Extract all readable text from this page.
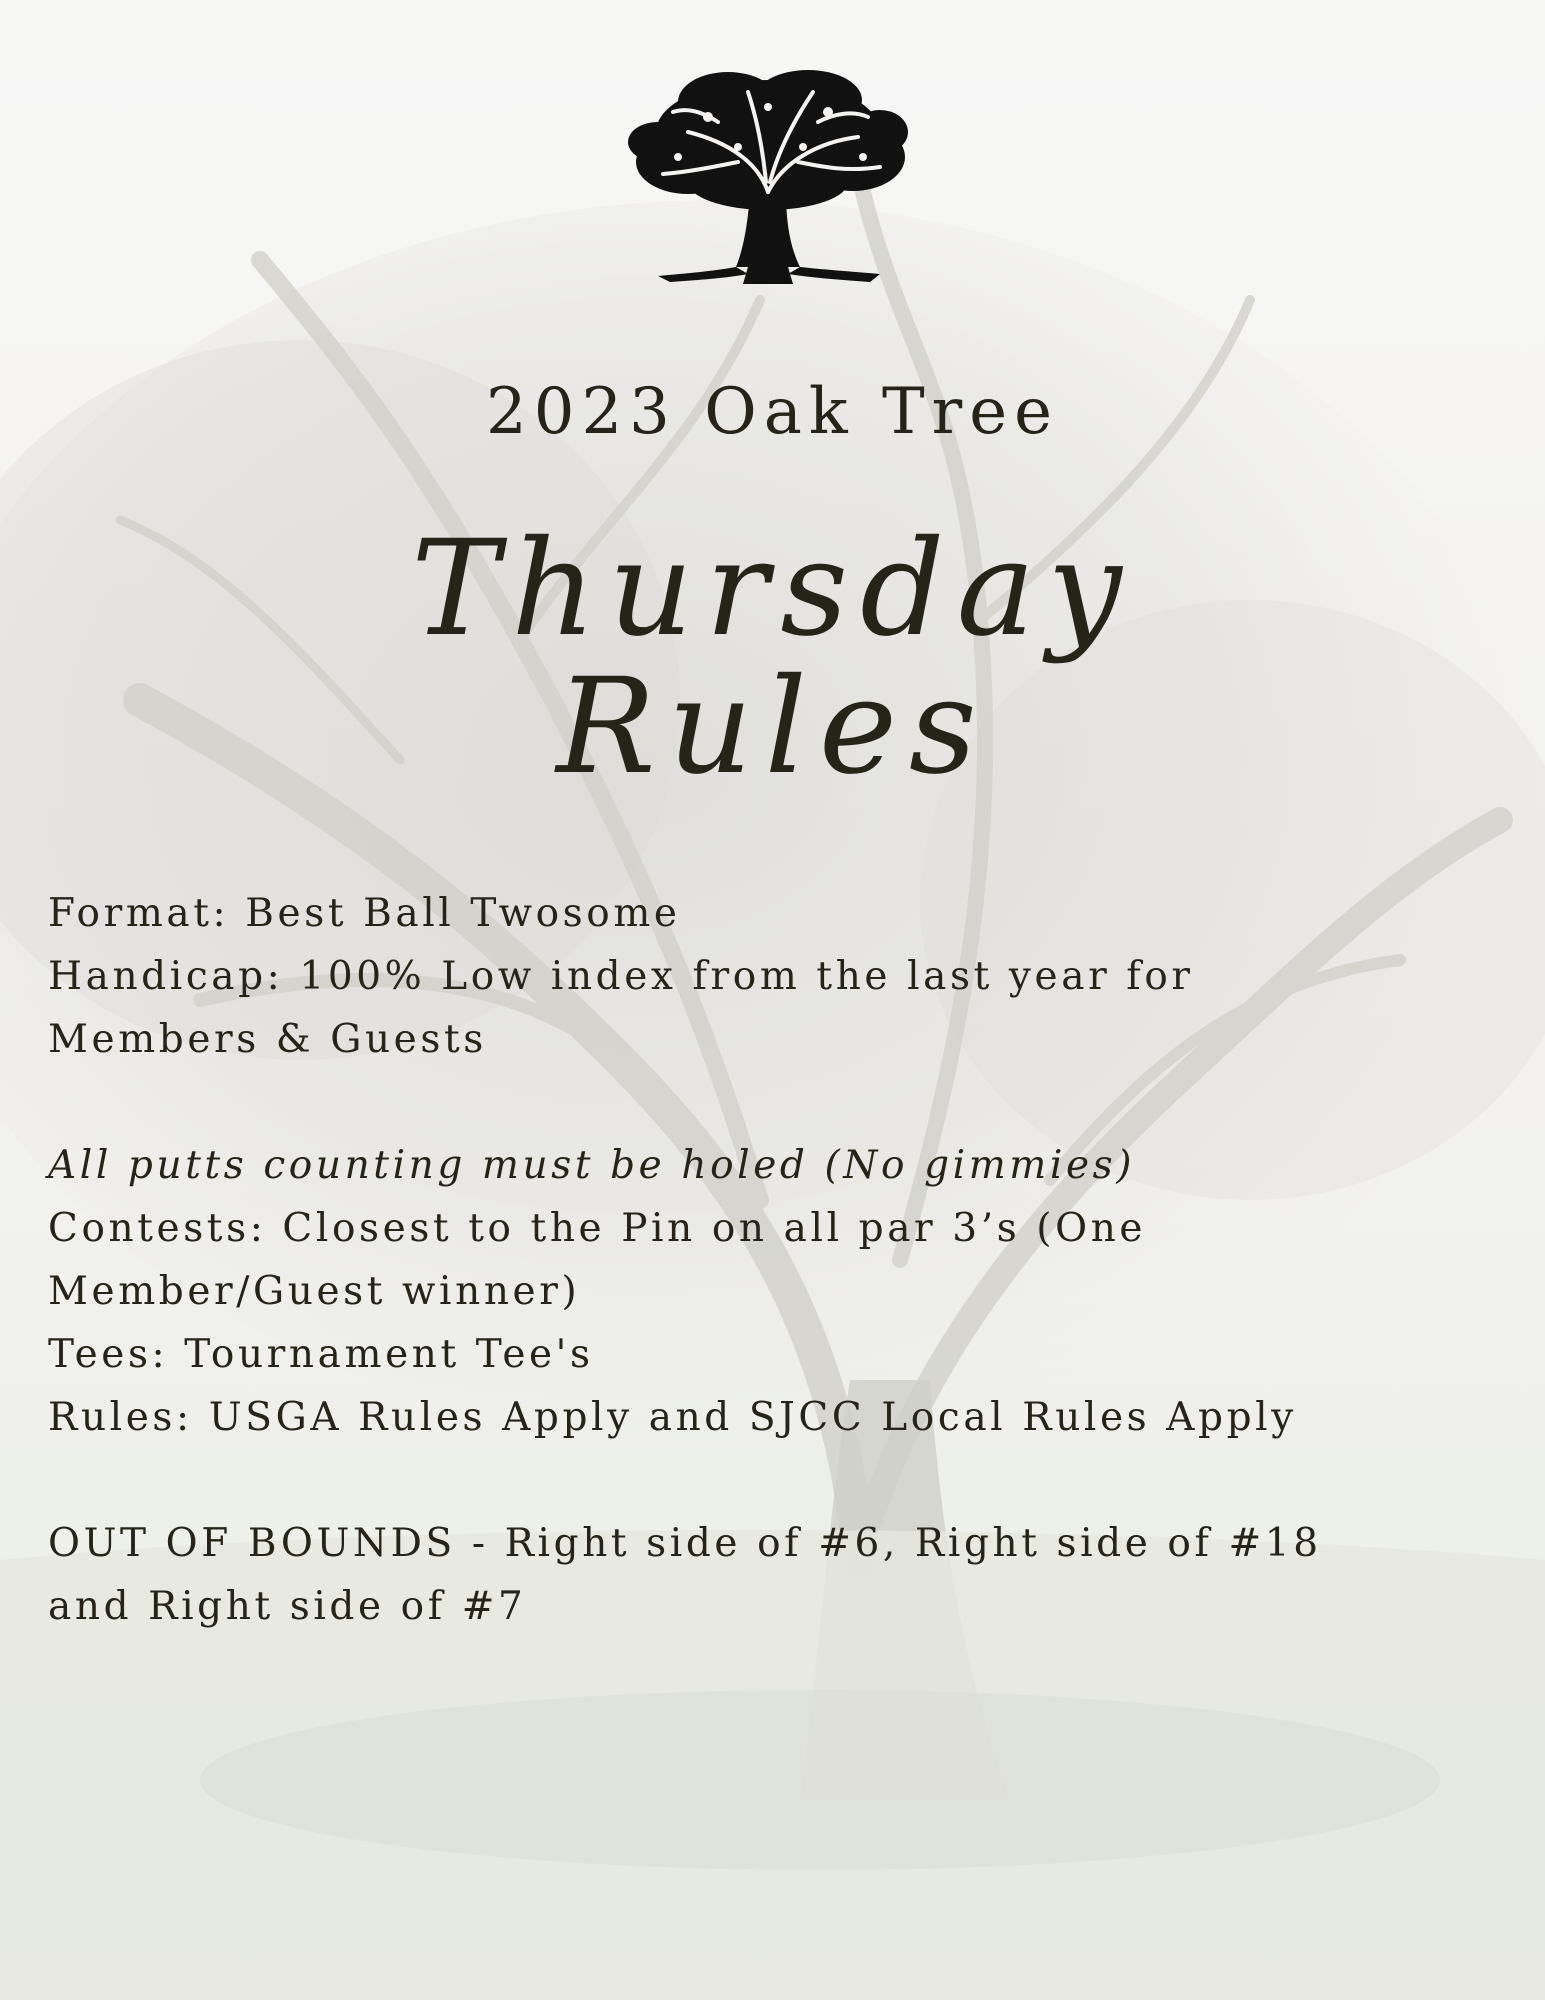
2023 Oak Tree
Thursday
Rules

Format: Best Ball Twosome

Handicap: 100% Low index from the last year for

Members & Guests

All putts counting must be holed (No gimmies)

Contests: Closest to the Pin on all par 3’s (One

Member/Guest winner)

Tees: Tournament Tee's

Rules: USGA Rules Apply and SJCC Local Rules Apply

OUT OF BOUNDS - Right side of #6, Right side of #18

and Right side of #7
